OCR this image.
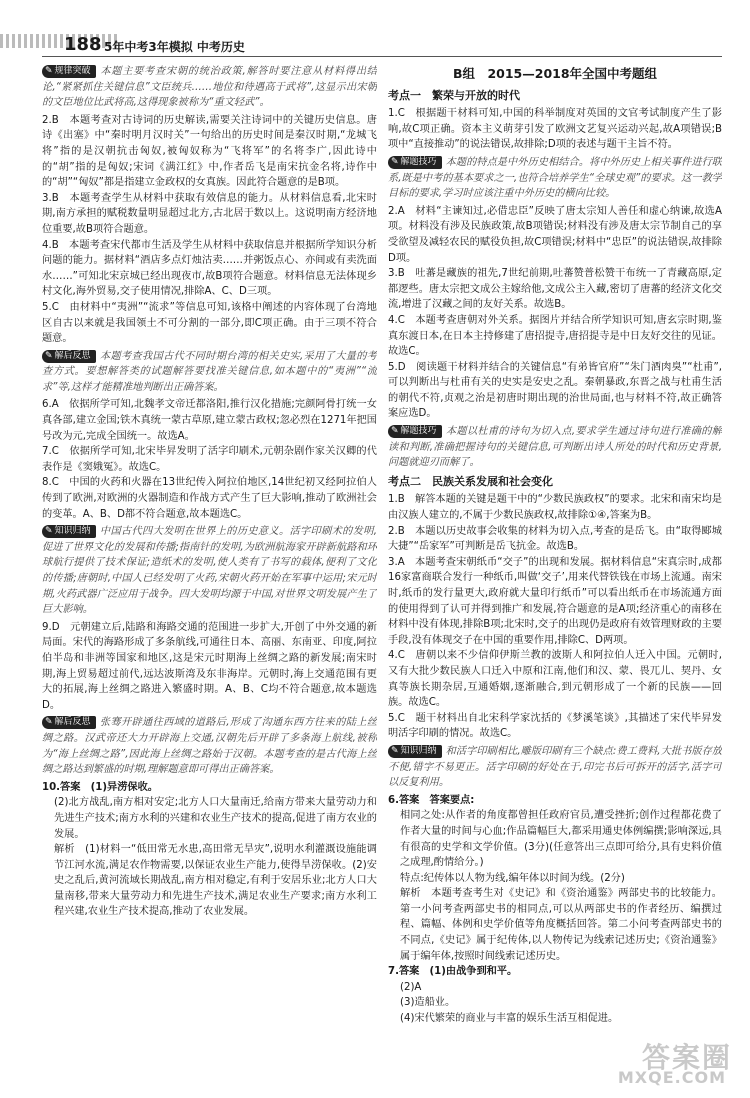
188 5年中考3年模拟 中考历史

✎ 规律突破 本题主要考查宋朝的统治政策,解答时要注意从材料得出结论,“紧紧抓住关键信息”文臣统兵……地位和待遇高于武将”,这显示出宋朝的文臣地位比武将高,这得现象被称为“重文轻武”。

2.B　本题考查对古诗词的历史解读,需要关注诗词中的关键历史信息。唐诗《出塞》中“秦时明月汉时关”一句给出的历史时间是秦汉时期,“龙城飞将”指的是汉朝抗击匈奴,被匈奴称为“飞将军”的名将李广,因此诗中的“胡”指的是匈奴;宋词《满江红》中,作者岳飞是南宋抗金名将,诗作中的“胡”“匈奴”都是指建立金政权的女真族。因此符合题意的是B项。

3.B　本题考查学生从材料中获取有效信息的能力。从材料信息看,北宋时期,南方承担的赋税数量明显超过北方,古北居于数以上。这说明南方经济地位重要,故B项符合题意。

4.B　本题考查宋代都市生活及学生从材料中获取信息并根据所学知识分析问题的能力。据材料“酒店多点灯烛沽卖……并粥饭点心、亦间或有卖洗面水……”可知北宋京城已经出现夜市,故B项符合题意。材料信息无法体现乡村文化,海外贸易,交子使用情况,排除A、C、D三项。

5.C　由材料中“夷洲”“流求”等信息可知,该格中阐述的内容体现了台湾地区自古以来就是我国领土不可分割的一部分,即C项正确。由于三项不符合题意。

✎ 解后反思 本题考查我国古代不同时期台湾的相关史实,采用了大量的考查方式。要想解答类的试题解答要找准关键信息,如本题中的“夷洲”“流求”等,这样才能精准地判断出正确答案。

6.A　依据所学可知,北魏孝文帝迁都洛阳,推行汉化措施;完颜阿骨打统一女真各部,建立金国;铁木真统一蒙古草原,建立蒙古政权;忽必烈在1271年把国号改为元,完成全国统一。故选A。

7.C　依据所学可知,北宋毕昇发明了活字印刷术,元朝杂剧作家关汉卿的代表作是《窦娥冤》。故选C。

8.C　中国的火药和火器在13世纪传入阿拉伯地区,14世纪初又经阿拉伯人传到了欧洲,对欧洲的火器制造和作战方式产生了巨大影响,推动了欧洲社会的变革。A、B、D都不符合题意,故本题选C。

✎ 知识归纳 中国古代四大发明在世界上的历史意义。活字印刷术的发明,促进了世界文化的发展和传播;指南针的发明,为欧洲航海家开辟新航路和环球航行提供了技术保证;造纸术的发明,使人类有了书写的载体,便利了文化的传播;唐朝时,中国人已经发明了火药,宋朝火药开始在军事中运用;宋元时期,火药武器广泛应用于战争。四大发明均源于中国,对世界文明发展产生了巨大影响。

9.D　元朝建立后,陆路和海路交通的范围进一步扩大,开创了中外交通的新局面。宋代的海路形成了多条航线,可通往日本、高丽、东南亚、印度,阿拉伯半岛和非洲等国家和地区,这是宋元时期海上丝绸之路的新发展;南宋时期,海上贸易超过前代,远达波斯湾及东非海岸。元朝时,海上交通范围有更大的拓展,海上丝绸之路进入繁盛时期。A、B、C均不符合题意,故本题选D。

✎ 解后反思 张骞开辟通往西域的道路后,形成了沟通东西方往来的陆上丝绸之路。汉武帝还大力开辟海上交通,汉朝先后开辟了多条海上航线,被称为“海上丝绸之路”,因此海上丝绸之路始于汉朝。本题考查的是古代海上丝绸之路达到繁盛的时期,理解题意即可得出正确答案。

10.答案　(1)异涝保收。

(2)北方战乱,南方相对安定;北方人口大量南迁,给南方带来大量劳动力和先进生产技术;南方水利的兴建和农业生产技术的提高,促进了南方农业的发展。

解析　(1)材料一“低田常无水患,高田常无旱灾”,说明水利灌溉设施能调节江河水流,满足农作物需要,以保证农业生产能力,使得旱涝保收。(2)安史之乱后,黄河流域长期战乱,南方相对稳定,有利于安居乐业;北方人口大量南移,带来大量劳动力和先进生产技术,满足农业生产要求;南方水利工程兴建,农业生产技术提高,推动了农业发展。

B组　2015—2018年全国中考题组
考点一　繁荣与开放的时代

1.C　根据题干材料可知,中国的科举制度对英国的文官考试制度产生了影响,故C项正确。资本主义萌芽引发了欧洲文艺复兴运动兴起,故A项错误;B项中“直接推动”的说法错误,故排除;D项的表述与题干主旨不符。

✎ 解题技巧 本题的特点是中外历史相结合。将中外历史上相关事件进行联系,既是中考的基本要求之一,也符合培养学生“全球史观”的要求。这一教学目标的要求,学习时应该注重中外历史的横向比较。

2.A　材料“主谏知过,必借忠臣”反映了唐太宗知人善任和虚心纳谏,故选A项。材料没有涉及民族政策,故B项错误;材料没有涉及唐太宗节制自己的享受欲望及减轻农民的赋役负担,故C项错误;材料中“忠臣”的说法错误,故排除D项。

3.B　吐蕃是藏族的祖先,7世纪前期,吐蕃赞普松赞干布统一了青藏高原,定都逻些。唐太宗把文成公主嫁给他,文成公主入藏,密切了唐蕃的经济文化交流,增进了汉藏之间的友好关系。故选B。

4.C　本题考查唐朝对外关系。据图片并结合所学知识可知,唐玄宗时期,鉴真东渡日本,在日本主持修建了唐招提寺,唐招提寺是中日友好交往的见证。故选C。

5.D　阅读题干材料并结合的关键信息“有弟皆官府”“朱门酒肉臭”“杜甫”,可以判断出与杜甫有关的史实是安史之乱。秦朝暴政,东晋之战与杜甫生活的朝代不符,贞观之治是初唐时期出现的治世局面,也与材料不符,故正确答案应选D。

✎ 解题技巧 本题以杜甫的诗句为切入点,要求学生通过诗句进行准确的解读和判断,准确把握诗句的关键信息,可判断出诗人所处的时代和历史背景,问题就迎刃而解了。

考点二　民族关系发展和社会变化

1.B　解答本题的关键是题干中的“少数民族政权”的要求。北宋和南宋均是由汉族人建立的,不属于少数民族政权,故排除①④,答案为B。

2.B　本题以历史故事会收集的材料为切入点,考查的是岳飞。由“取得郾城大捷”“岳家军”可判断是岳飞抗金。故选B。

3.A　本题考查宋朝纸币“交子”的出现和发展。据材料信息“宋真宗时,成都16家富商联合发行一种纸币,叫做‘交子’,用来代替铁钱在市场上流通。南宋时,纸币的发行量更大,政府就大量印行纸币”可以看出纸币在市场流通方面的使用得到了认可并得到推广和发展,符合题意的是A项;经济重心的南移在材料中没有体现,排除B项;北宋时,交子的出现仍是政府有效管理财政的主要手段,没有体现交子在中国的重要作用,排除C、D两项。

4.C　唐朝以来不少信仰伊斯兰教的波斯人和阿拉伯人迁入中国。元朝时,又有大批少数民族人口迁入中原和江南,他们和汉、蒙、畏兀儿、契丹、女真等族长期杂居,互通婚姻,逐渐融合,到元朝形成了一个新的民族——回族。故选C。

5.C　题干材料出自北宋科学家沈括的《梦溪笔谈》,其描述了宋代毕昇发明活字印刷的情况。故选C。

✎ 知识归纳 和活字印刷相比,雕版印刷有三个缺点:费工费料,大批书版存放不便,错字不易更正。活字印刷的好处在于,印完书后可拆开的活字,活字可以反复利用。

6.答案　答案要点:

相同之处:从作者的角度都曾担任政府官员,遭受挫折;创作过程都花费了作者大量的时间与心血;作品篇幅巨大,都采用通史体例编撰;影响深远,具有很高的史学和文学价值。(3分)(任意答出三点即可给分,具有史料价值之成理,酌情给分。)

特点:纪传体以人物为线,编年体以时间为线。(2分)

解析　本题考查考生对《史记》和《资治通鉴》两部史书的比较能力。第一小问考查两部史书的相同点,可以从两部史书的作者经历、编撰过程、篇幅、体例和史学价值等角度概括回答。第二小问考查两部史书的不同点,《史记》属于纪传体,以人物传记为线索记述历史;《资治通鉴》属于编年体,按照时间线索记述历史。

7.答案　(1)由战争到和平。

(2)A

(3)造船业。

(4)宋代繁荣的商业与丰富的娱乐生活互相促进。

答案圈
MXQE.COM
